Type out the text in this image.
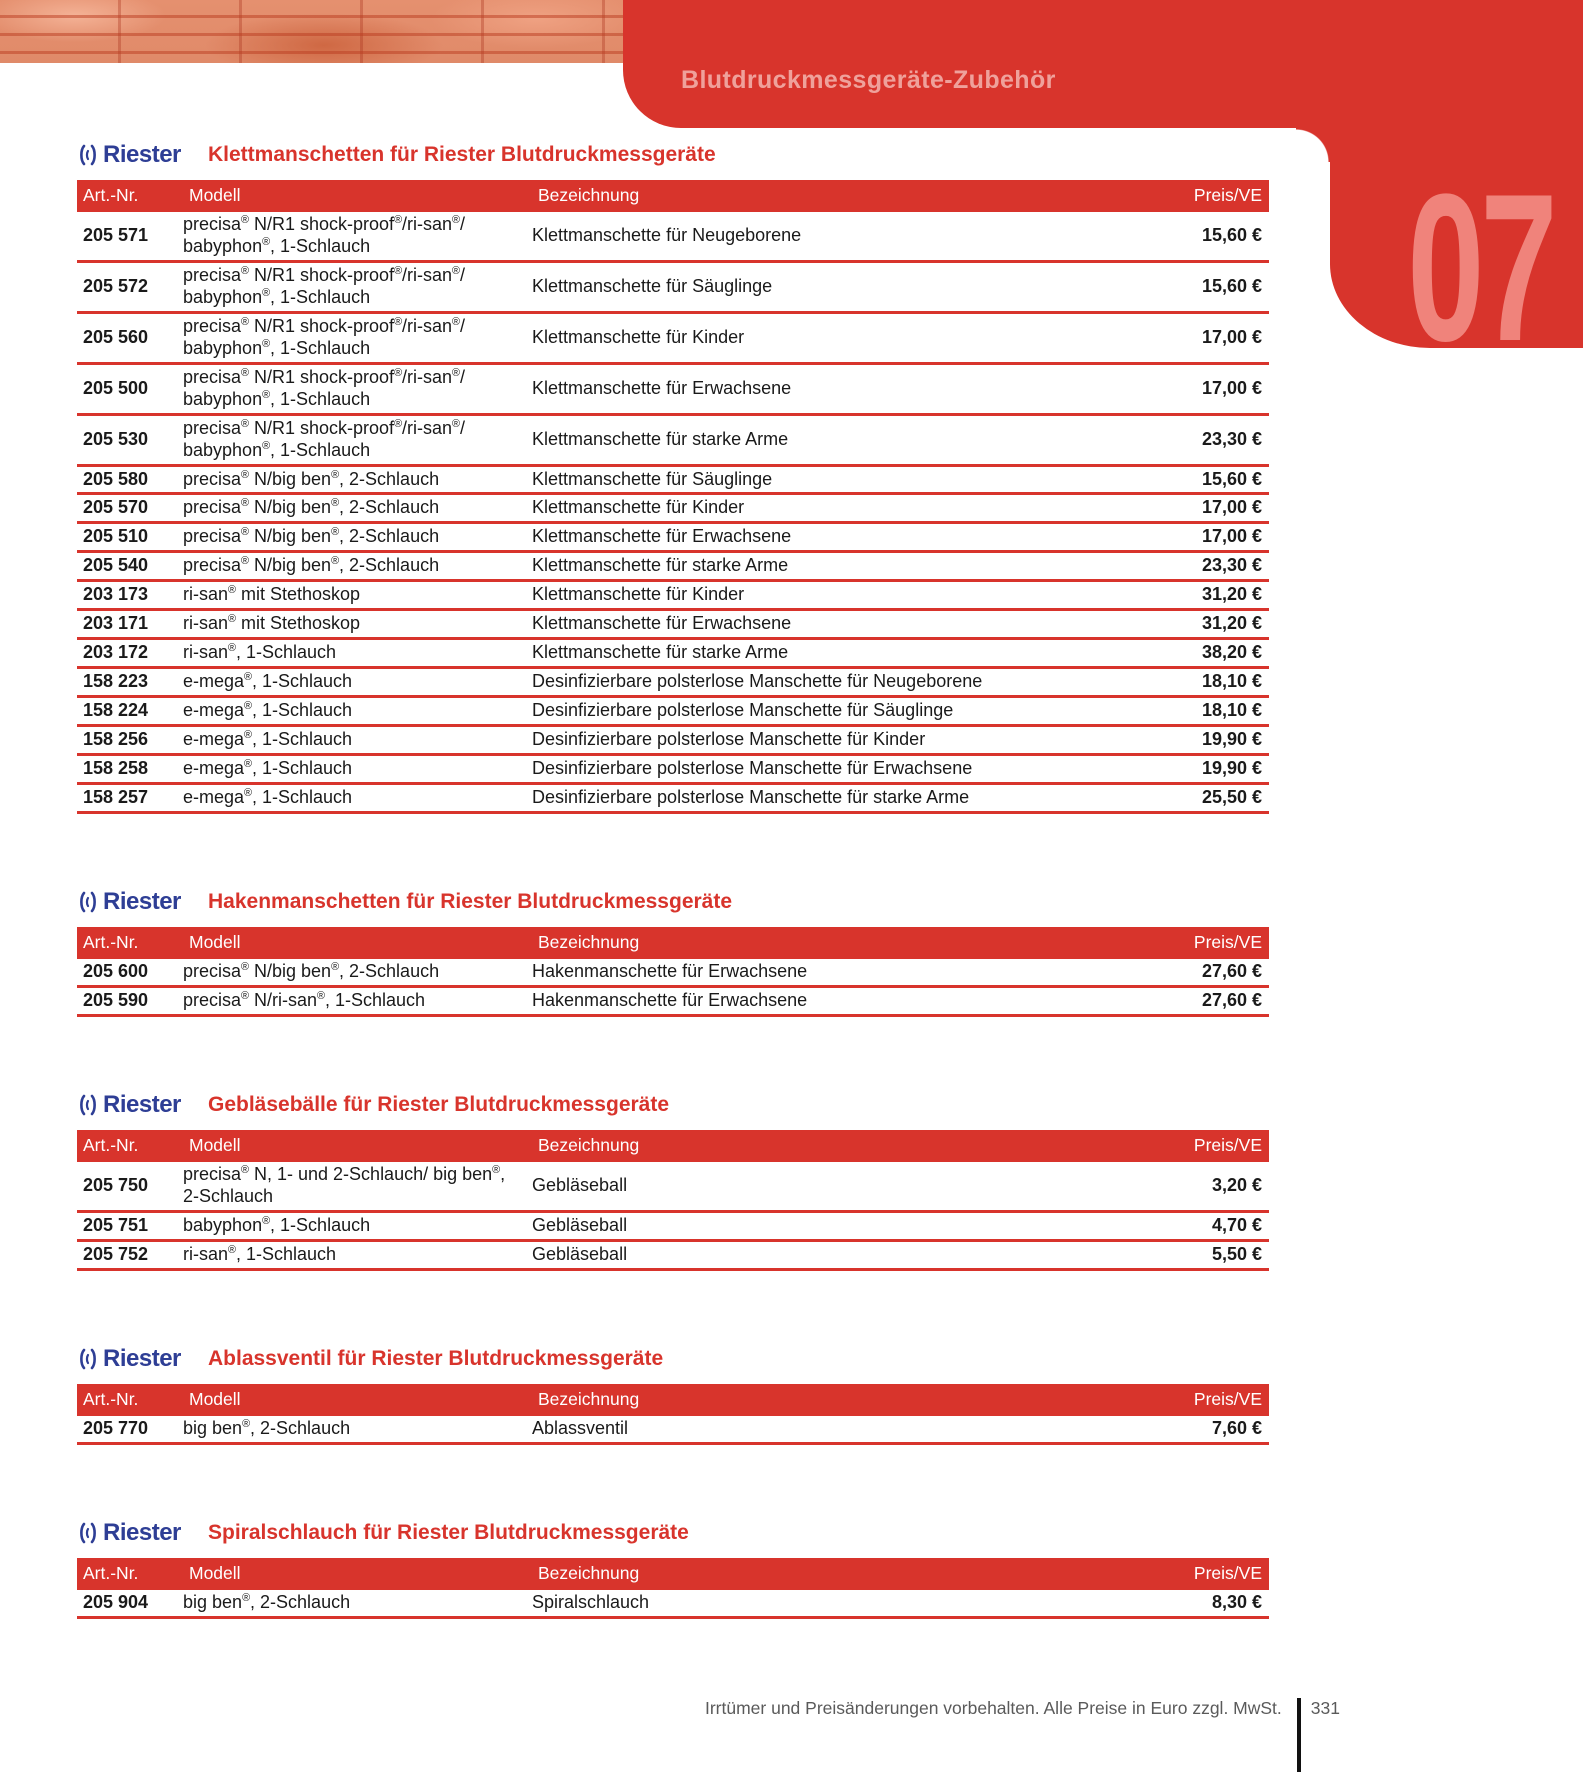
Blutdruckmessgeräte-Zubehör
07
Riester Klettmanschetten für Riester Blutdruckmessgeräte
Art.-Nr.	Modell	Bezeichnung	Preis/VE
205 571	precisa® N/R1 shock-proof®/ri-san®/ babyphon®, 1-Schlauch	Klettmanschette für Neugeborene	15,60 €
205 572	precisa® N/R1 shock-proof®/ri-san®/ babyphon®, 1-Schlauch	Klettmanschette für Säuglinge	15,60 €
205 560	precisa® N/R1 shock-proof®/ri-san®/ babyphon®, 1-Schlauch	Klettmanschette für Kinder	17,00 €
205 500	precisa® N/R1 shock-proof®/ri-san®/ babyphon®, 1-Schlauch	Klettmanschette für Erwachsene	17,00 €
205 530	precisa® N/R1 shock-proof®/ri-san®/ babyphon®, 1-Schlauch	Klettmanschette für starke Arme	23,30 €
205 580	precisa® N/big ben®, 2-Schlauch	Klettmanschette für Säuglinge	15,60 €
205 570	precisa® N/big ben®, 2-Schlauch	Klettmanschette für Kinder	17,00 €
205 510	precisa® N/big ben®, 2-Schlauch	Klettmanschette für Erwachsene	17,00 €
205 540	precisa® N/big ben®, 2-Schlauch	Klettmanschette für starke Arme	23,30 €
203 173	ri-san® mit Stethoskop	Klettmanschette für Kinder	31,20 €
203 171	ri-san® mit Stethoskop	Klettmanschette für Erwachsene	31,20 €
203 172	ri-san®, 1-Schlauch	Klettmanschette für starke Arme	38,20 €
158 223	e-mega®, 1-Schlauch	Desinfizierbare polsterlose Manschette für Neugeborene	18,10 €
158 224	e-mega®, 1-Schlauch	Desinfizierbare polsterlose Manschette für Säuglinge	18,10 €
158 256	e-mega®, 1-Schlauch	Desinfizierbare polsterlose Manschette für Kinder	19,90 €
158 258	e-mega®, 1-Schlauch	Desinfizierbare polsterlose Manschette für Erwachsene	19,90 €
158 257	e-mega®, 1-Schlauch	Desinfizierbare polsterlose Manschette für starke Arme	25,50 €
Riester Hakenmanschetten für Riester Blutdruckmessgeräte
Art.-Nr.	Modell	Bezeichnung	Preis/VE
205 600	precisa® N/big ben®, 2-Schlauch	Hakenmanschette für Erwachsene	27,60 €
205 590	precisa® N/ri-san®, 1-Schlauch	Hakenmanschette für Erwachsene	27,60 €
Riester Gebläsebälle für Riester Blutdruckmessgeräte
Art.-Nr.	Modell	Bezeichnung	Preis/VE
205 750	precisa® N, 1- und 2-Schlauch/ big ben®, 2-Schlauch	Gebläseball	3,20 €
205 751	babyphon®, 1-Schlauch	Gebläseball	4,70 €
205 752	ri-san®, 1-Schlauch	Gebläseball	5,50 €
Riester Ablassventil für Riester Blutdruckmessgeräte
Art.-Nr.	Modell	Bezeichnung	Preis/VE
205 770	big ben®, 2-Schlauch	Ablassventil	7,60 €
Riester Spiralschlauch für Riester Blutdruckmessgeräte
Art.-Nr.	Modell	Bezeichnung	Preis/VE
205 904	big ben®, 2-Schlauch	Spiralschlauch	8,30 €
Irrtümer und Preisänderungen vorbehalten. Alle Preise in Euro zzgl. MwSt. 331
